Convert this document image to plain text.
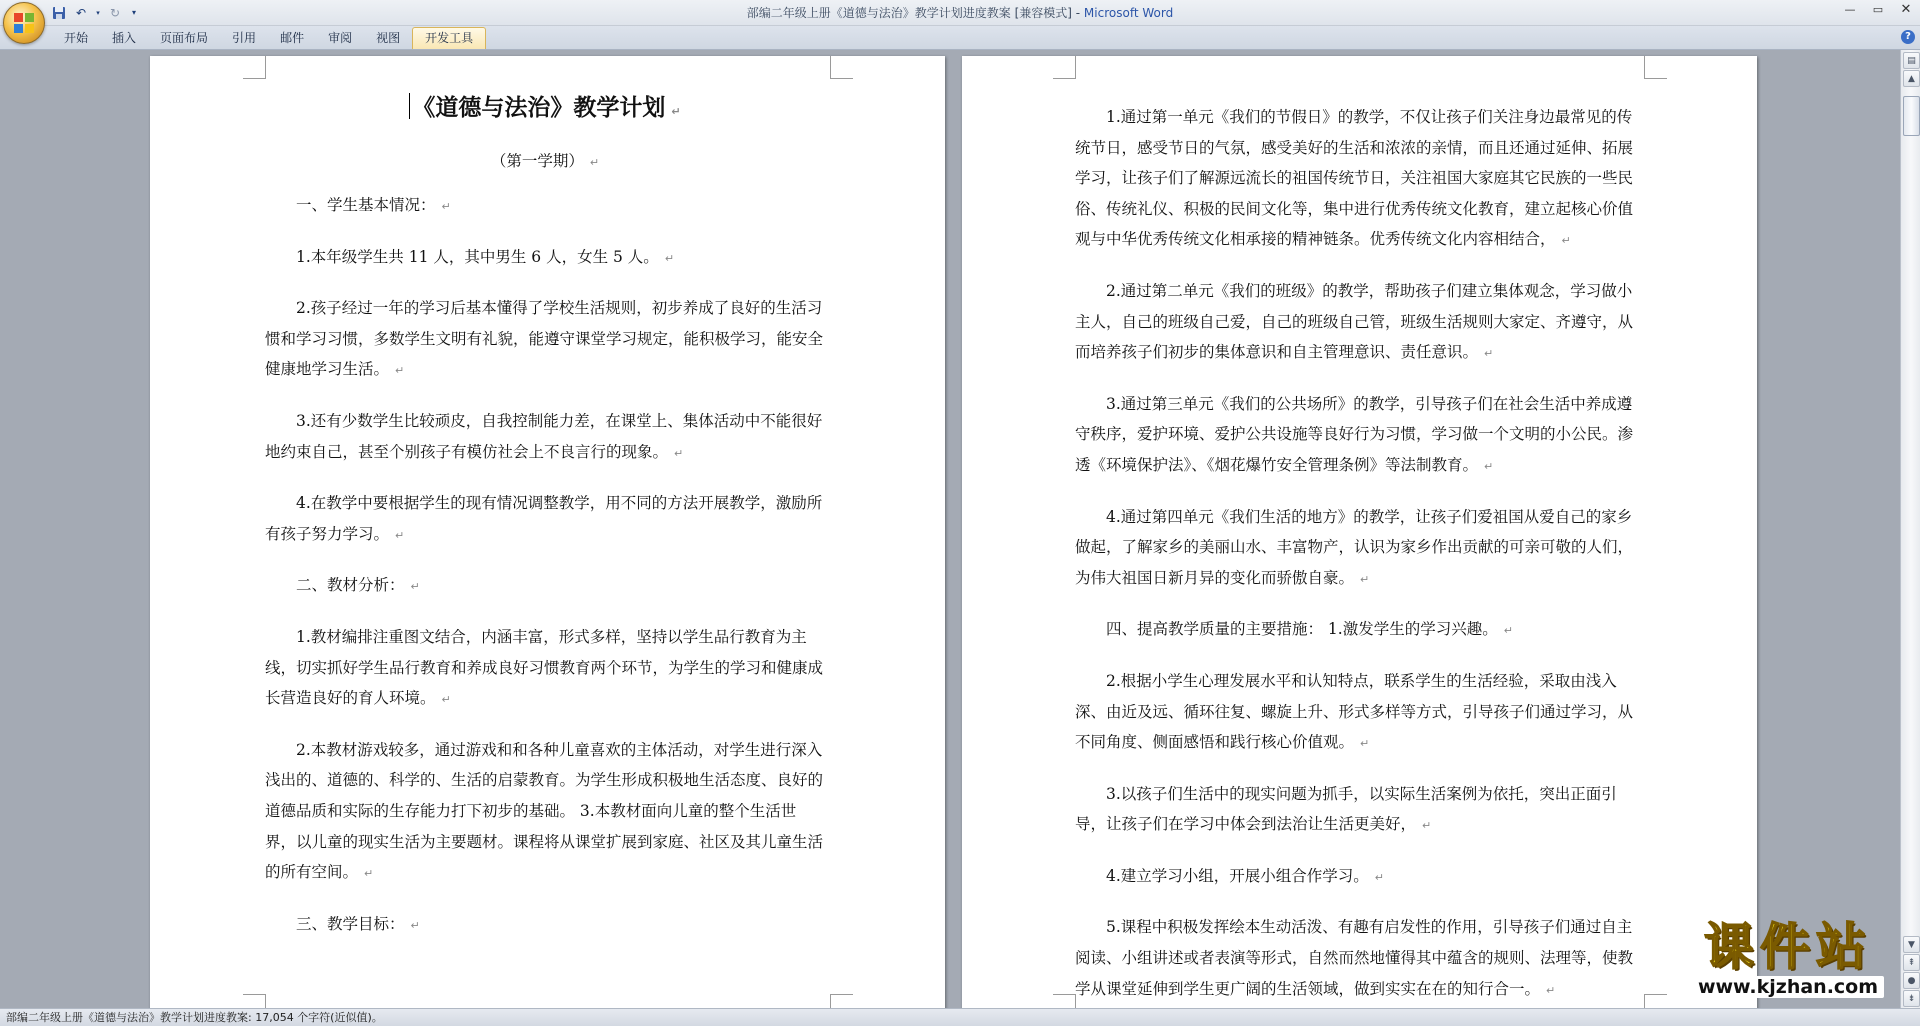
↶	▾ ↻	▾	部编二年级上册《道德与法治》教学计划进度教案 [兼容模式] - Microsoft Word	—	▭	✕
开始	插入	页面布局	引用	邮件	审阅	视图	开发工具	?
《道德与法治》教学计划 ↵
（第一学期） ↵

一、学生基本情况： ↵

1.本年级学生共 11 人，其中男生 6 人，女生 5 人。 ↵

2.孩子经过一年的学习后基本懂得了学校生活规则，初步养成了良好的生活习惯和学习习惯，多数学生文明有礼貌，能遵守课堂学习规定，能积极学习，能安全健康地学习生活。 ↵

3.还有少数学生比较顽皮，自我控制能力差，在课堂上、集体活动中不能很好地约束自己，甚至个别孩子有模仿社会上不良言行的现象。 ↵

4.在教学中要根据学生的现有情况调整教学，用不同的方法开展教学，激励所有孩子努力学习。 ↵

二、教材分析： ↵

1.教材编排注重图文结合，内涵丰富，形式多样，坚持以学生品行教育为主线，切实抓好学生品行教育和养成良好习惯教育两个环节，为学生的学习和健康成长营造良好的育人环境。 ↵

2.本教材游戏较多，通过游戏和和各种儿童喜欢的主体活动，对学生进行深入浅出的、道德的、科学的、生活的启蒙教育。为学生形成积极地生活态度、良好的道德品质和实际的生存能力打下初步的基础。 3.本教材面向儿童的整个生活世界，以儿童的现实生活为主要题材。课程将从课堂扩展到家庭、社区及其儿童生活的所有空间。 ↵

三、教学目标： ↵

1.通过第一单元《我们的节假日》的教学，不仅让孩子们关注身边最常见的传统节日，感受节日的气氛，感受美好的生活和浓浓的亲情，而且还通过延伸、拓展学习，让孩子们了解源远流长的祖国传统节日，关注祖国大家庭其它民族的一些民俗、传统礼仪、积极的民间文化等，集中进行优秀传统文化教育，建立起核心价值观与中华优秀传统文化相承接的精神链条。优秀传统文化内容相结合， ↵

2.通过第二单元《我们的班级》的教学，帮助孩子们建立集体观念，学习做小主人，自己的班级自己爱，自己的班级自己管，班级生活规则大家定、齐遵守，从而培养孩子们初步的集体意识和自主管理意识、责任意识。 ↵

3.通过第三单元《我们的公共场所》的教学，引导孩子们在社会生活中养成遵守秩序，爱护环境、爱护公共设施等良好行为习惯，学习做一个文明的小公民。渗透《环境保护法》、《烟花爆竹安全管理条例》等法制教育。 ↵

4.通过第四单元《我们生活的地方》的教学，让孩子们爱祖国从爱自己的家乡做起，了解家乡的美丽山水、丰富物产，认识为家乡作出贡献的可亲可敬的人们，为伟大祖国日新月异的变化而骄傲自豪。 ↵

四、提高教学质量的主要措施： 1.激发学生的学习兴趣。 ↵

2.根据小学生心理发展水平和认知特点，联系学生的生活经验，采取由浅入深、由近及远、循环往复、螺旋上升、形式多样等方式，引导孩子们通过学习，从不同角度、侧面感悟和践行核心价值观。 ↵

3.以孩子们生活中的现实问题为抓手，以实际生活案例为依托，突出正面引导，让孩子们在学习中体会到法治让生活更美好， ↵

4.建立学习小组，开展小组合作学习。 ↵

5.课程中积极发挥绘本生动活泼、有趣有启发性的作用，引导孩子们通过自主阅读、小组讲述或者表演等形式，自然而然地懂得其中蕴含的规则、法理等，使教学从课堂延伸到学生更广阔的生活领域，做到实实在在的知行合一。 ↵

▤
▲
▼
⇞
●
⇟
部编二年级上册《道德与法治》教学计划进度教案: 17,054 个字符(近似值)。
课件站
www.kjzhan.com
